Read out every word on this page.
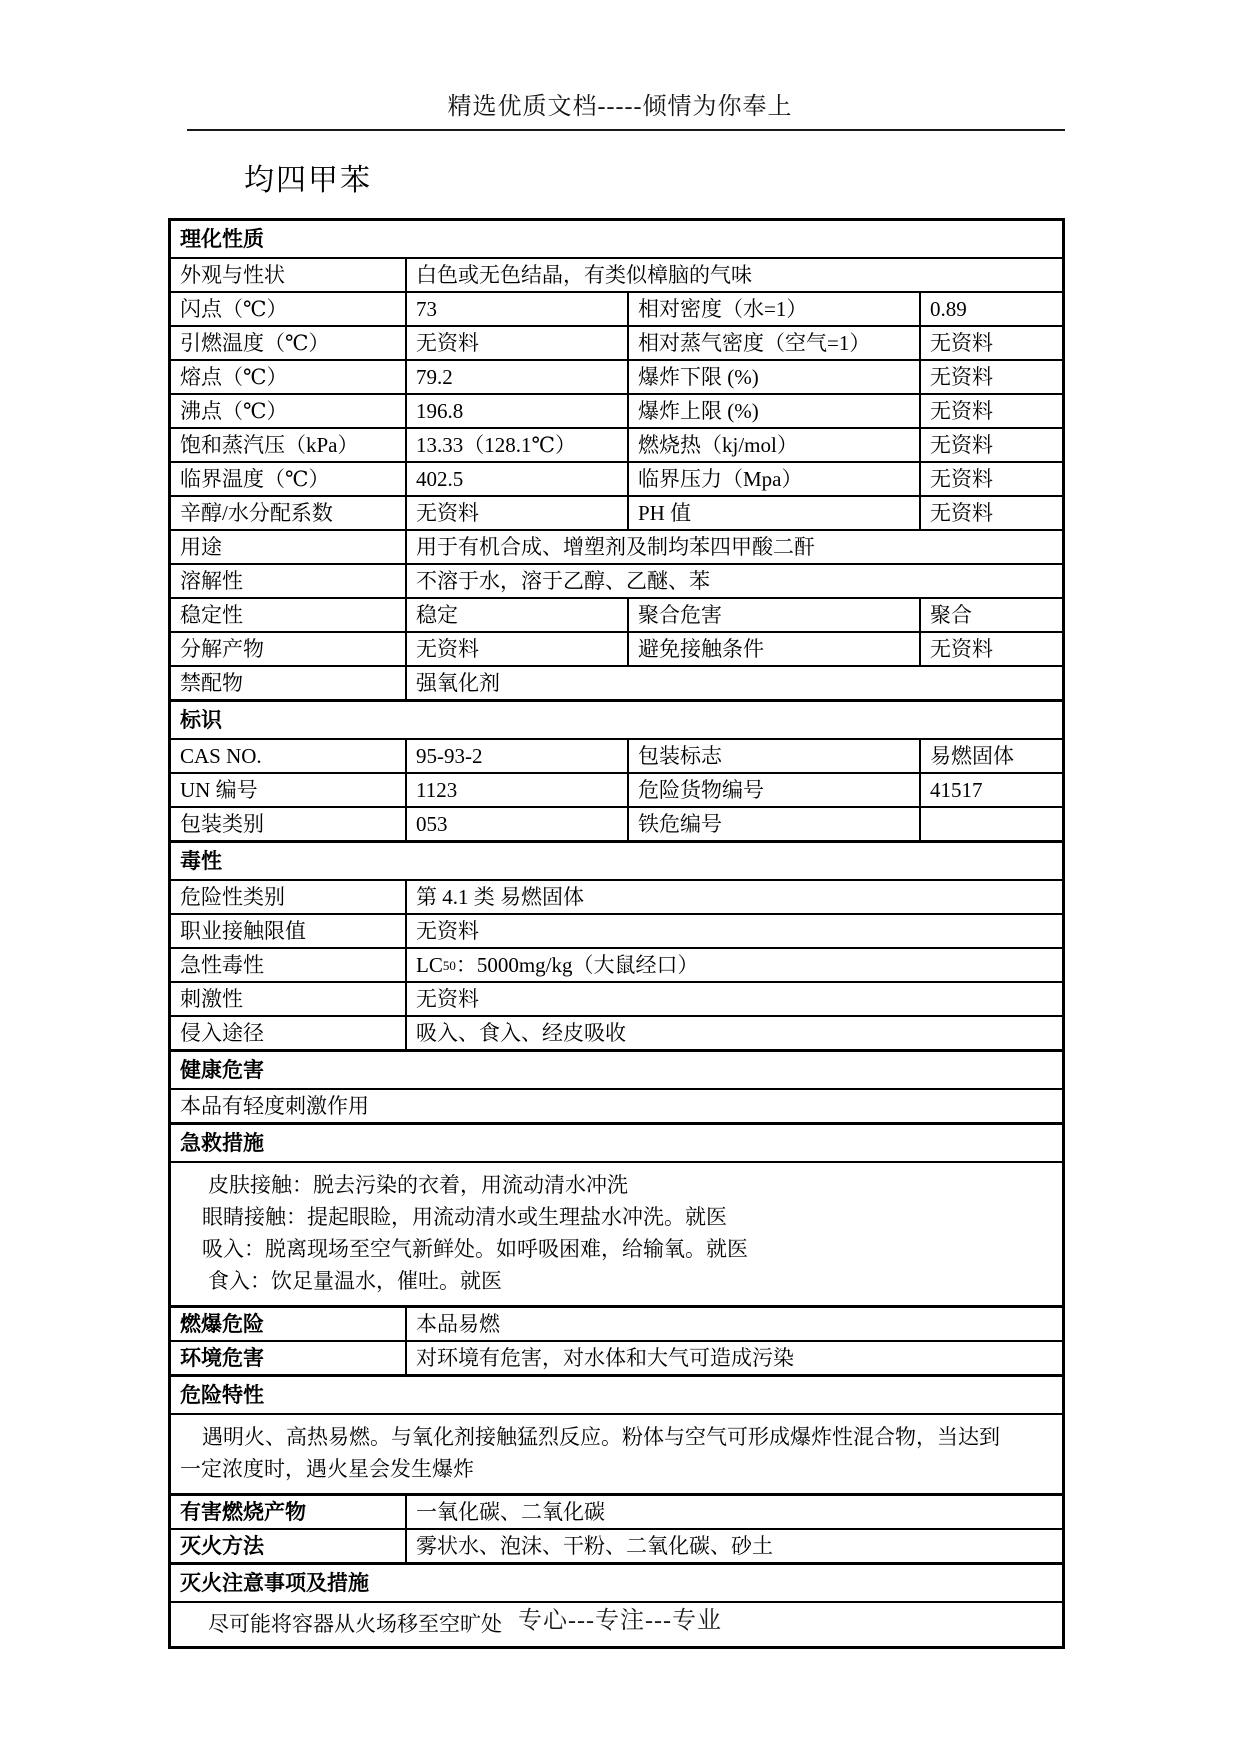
精选优质文档-----倾情为你奉上
均四甲苯
理化性质
外观与性状	白色或无色结晶，有类似樟脑的气味
闪点（℃）	73	相对密度（水=1）	0.89
引燃温度（℃）	无资料	相对蒸气密度（空气=1）	无资料
熔点（℃）	79.2	爆炸下限 (%)	无资料
沸点（℃）	196.8	爆炸上限 (%)	无资料
饱和蒸汽压（kPa）	13.33（128.1℃）	燃烧热（kj/mol）	无资料
临界温度（℃）	402.5	临界压力（Mpa）	无资料
辛醇/水分配系数	无资料	PH 值	无资料
用途	用于有机合成、增塑剂及制均苯四甲酸二酐
溶解性	不溶于水，溶于乙醇、乙醚、苯
稳定性	稳定	聚合危害	聚合
分解产物	无资料	避免接触条件	无资料
禁配物	强氧化剂
标识
CAS NO.	95-93-2	包装标志	易燃固体
UN 编号	1123	危险货物编号	41517
包装类别	053	铁危编号
毒性
危险性类别	第 4.1 类 易燃固体
职业接触限值	无资料
急性毒性	LC 50 ：5000mg/kg（大鼠经口）
刺激性	无资料
侵入途径	吸入、食入、经皮吸收
健康危害
本品有轻度刺激作用
急救措施
皮肤接触：脱去污染的衣着，用流动清水冲洗
眼睛接触：提起眼睑，用流动清水或生理盐水冲洗。就医
吸入：脱离现场至空气新鲜处。如呼吸困难，给输氧。就医
食入：饮足量温水，催吐。就医
燃爆危险	本品易燃
环境危害	对环境有危害，对水体和大气可造成污染
危险特性
遇明火、高热易燃。与氧化剂接触猛烈反应。粉体与空气可形成爆炸性混合物，当达到
一定浓度时，遇火星会发生爆炸
有害燃烧产物	一氧化碳、二氧化碳
灭火方法	雾状水、泡沫、干粉、二氧化碳、砂土
灭火注意事项及措施
尽可能将容器从火场移至空旷处 专心---专注---专业
